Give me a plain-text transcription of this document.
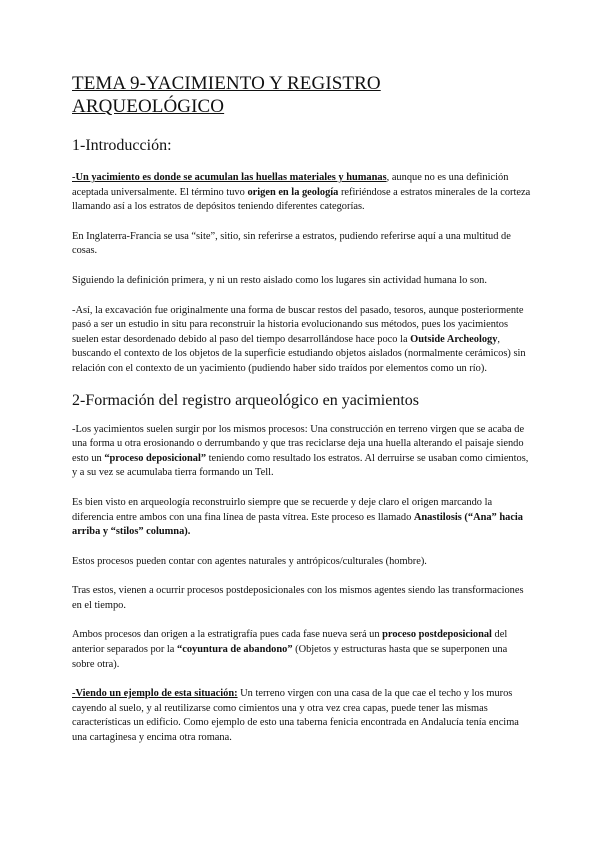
TEMA 9-YACIMIENTO Y REGISTRO ARQUEOLÓGICO
1-Introducción:

-Un yacimiento es donde se acumulan las huellas materiales y humanas, aunque no es una definición aceptada universalmente. El término tuvo origen en la geología refiriéndose a estratos minerales de la corteza llamando así a los estratos de depósitos teniendo diferentes categorías.

En Inglaterra-Francia se usa “site”, sitio, sin referirse a estratos, pudiendo referirse aquí a una multitud de cosas.

Siguiendo la definición primera, y ni un resto aislado como los lugares sin actividad humana lo son.

-Así, la excavación fue originalmente una forma de buscar restos del pasado, tesoros, aunque posteriormente pasó a ser un estudio in situ para reconstruir la historia evolucionando sus métodos, pues los yacimientos suelen estar desordenado debido al paso del tiempo desarrollándose hace poco la Outside Archeology, buscando el contexto de los objetos de la superficie estudiando objetos aislados (normalmente cerámicos) sin relación con el contexto de un yacimiento (pudiendo haber sido traídos por elementos como un río).

2-Formación del registro arqueológico en yacimientos

-Los yacimientos suelen surgir por los mismos procesos: Una construcción en terreno virgen que se acaba de una forma u otra erosionando o derrumbando y que tras reciclarse deja una huella alterando el paisaje siendo esto un “proceso deposicional” teniendo como resultado los estratos. Al derruirse se usaban como cimientos, y a su vez se acumulaba tierra formando un Tell.

Es bien visto en arqueología reconstruirlo siempre que se recuerde y deje claro el origen marcando la diferencia entre ambos con una fina línea de pasta vítrea. Este proceso es llamado Anastilosis (“Ana” hacia arriba y “stilos” columna).

Estos procesos pueden contar con agentes naturales y antrópicos/culturales (hombre).

Tras estos, vienen a ocurrir procesos postdeposicionales con los mismos agentes siendo las transformaciones en el tiempo.

Ambos procesos dan origen a la estratigrafía pues cada fase nueva será un proceso postdeposicional del anterior separados por la “coyuntura de abandono” (Objetos y estructuras hasta que se superponen una sobre otra).

-Viendo un ejemplo de esta situación: Un terreno virgen con una casa de la que cae el techo y los muros cayendo al suelo, y al reutilizarse como cimientos una y otra vez crea capas, puede tener las mismas características un edificio. Como ejemplo de esto una taberna fenicia encontrada en Andalucía tenía encima una cartaginesa y encima otra romana.
